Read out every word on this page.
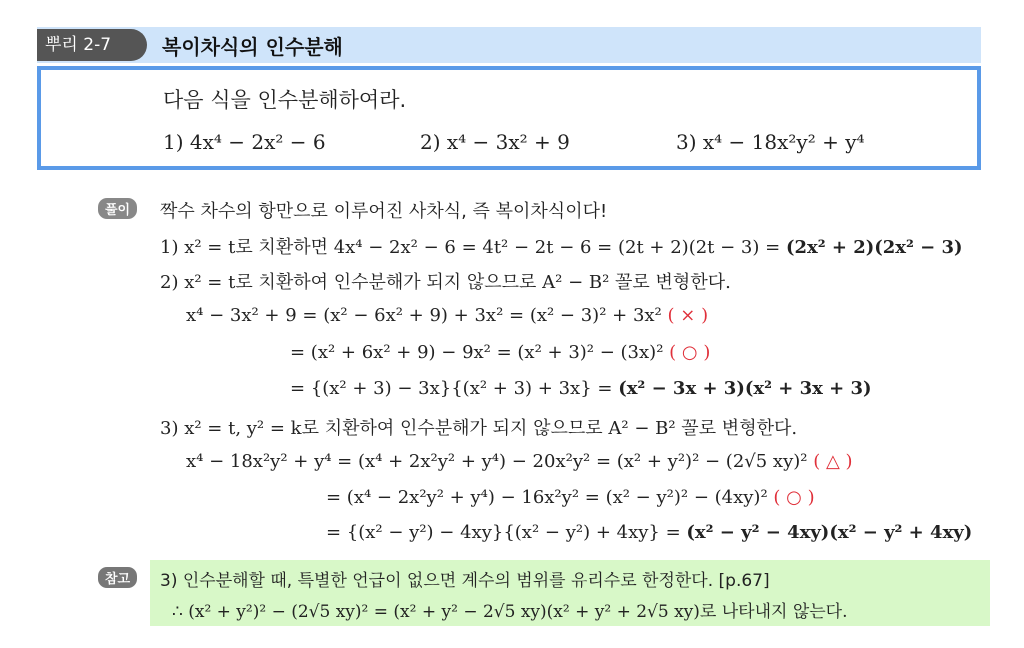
뿌리 2-7	복이차식의 인수분해
다음 식을 인수분해하여라.
1) 4x⁴ − 2x² − 6	2) x⁴ − 3x² + 9	3) x⁴ − 18x²y² + y⁴
풀이	짝수 차수의 항만으로 이루어진 사차식, 즉 복이차식이다!
1) x² = t로 치환하면 4x⁴ − 2x² − 6 = 4t² − 2t − 6 = (2t + 2)(2t − 3) = (2x² + 2)(2x² − 3)
2) x² = t로 치환하여 인수분해가 되지 않으므로 A² − B² 꼴로 변형한다.
x⁴ − 3x² + 9 = (x² − 6x² + 9) + 3x² = (x² − 3)² + 3x² ( × )
= (x² + 6x² + 9) − 9x² = (x² + 3)² − (3x)² ( ○ )
= {(x² + 3) − 3x}{(x² + 3) + 3x} = (x² − 3x + 3)(x² + 3x + 3)
3) x² = t, y² = k로 치환하여 인수분해가 되지 않으므로 A² − B² 꼴로 변형한다.
x⁴ − 18x²y² + y⁴ = (x⁴ + 2x²y² + y⁴) − 20x²y² = (x² + y²)² − (2√5 xy)² ( △ )
= (x⁴ − 2x²y² + y⁴) − 16x²y² = (x² − y²)² − (4xy)² ( ○ )
= {(x² − y²) − 4xy}{(x² − y²) + 4xy} = (x² − y² − 4xy)(x² − y² + 4xy)
참고	3) 인수분해할 때, 특별한 언급이 없으면 계수의 범위를 유리수로 한정한다. [p.67]
∴ (x² + y²)² − (2√5 xy)² = (x² + y² − 2√5 xy)(x² + y² + 2√5 xy)로 나타내지 않는다.
